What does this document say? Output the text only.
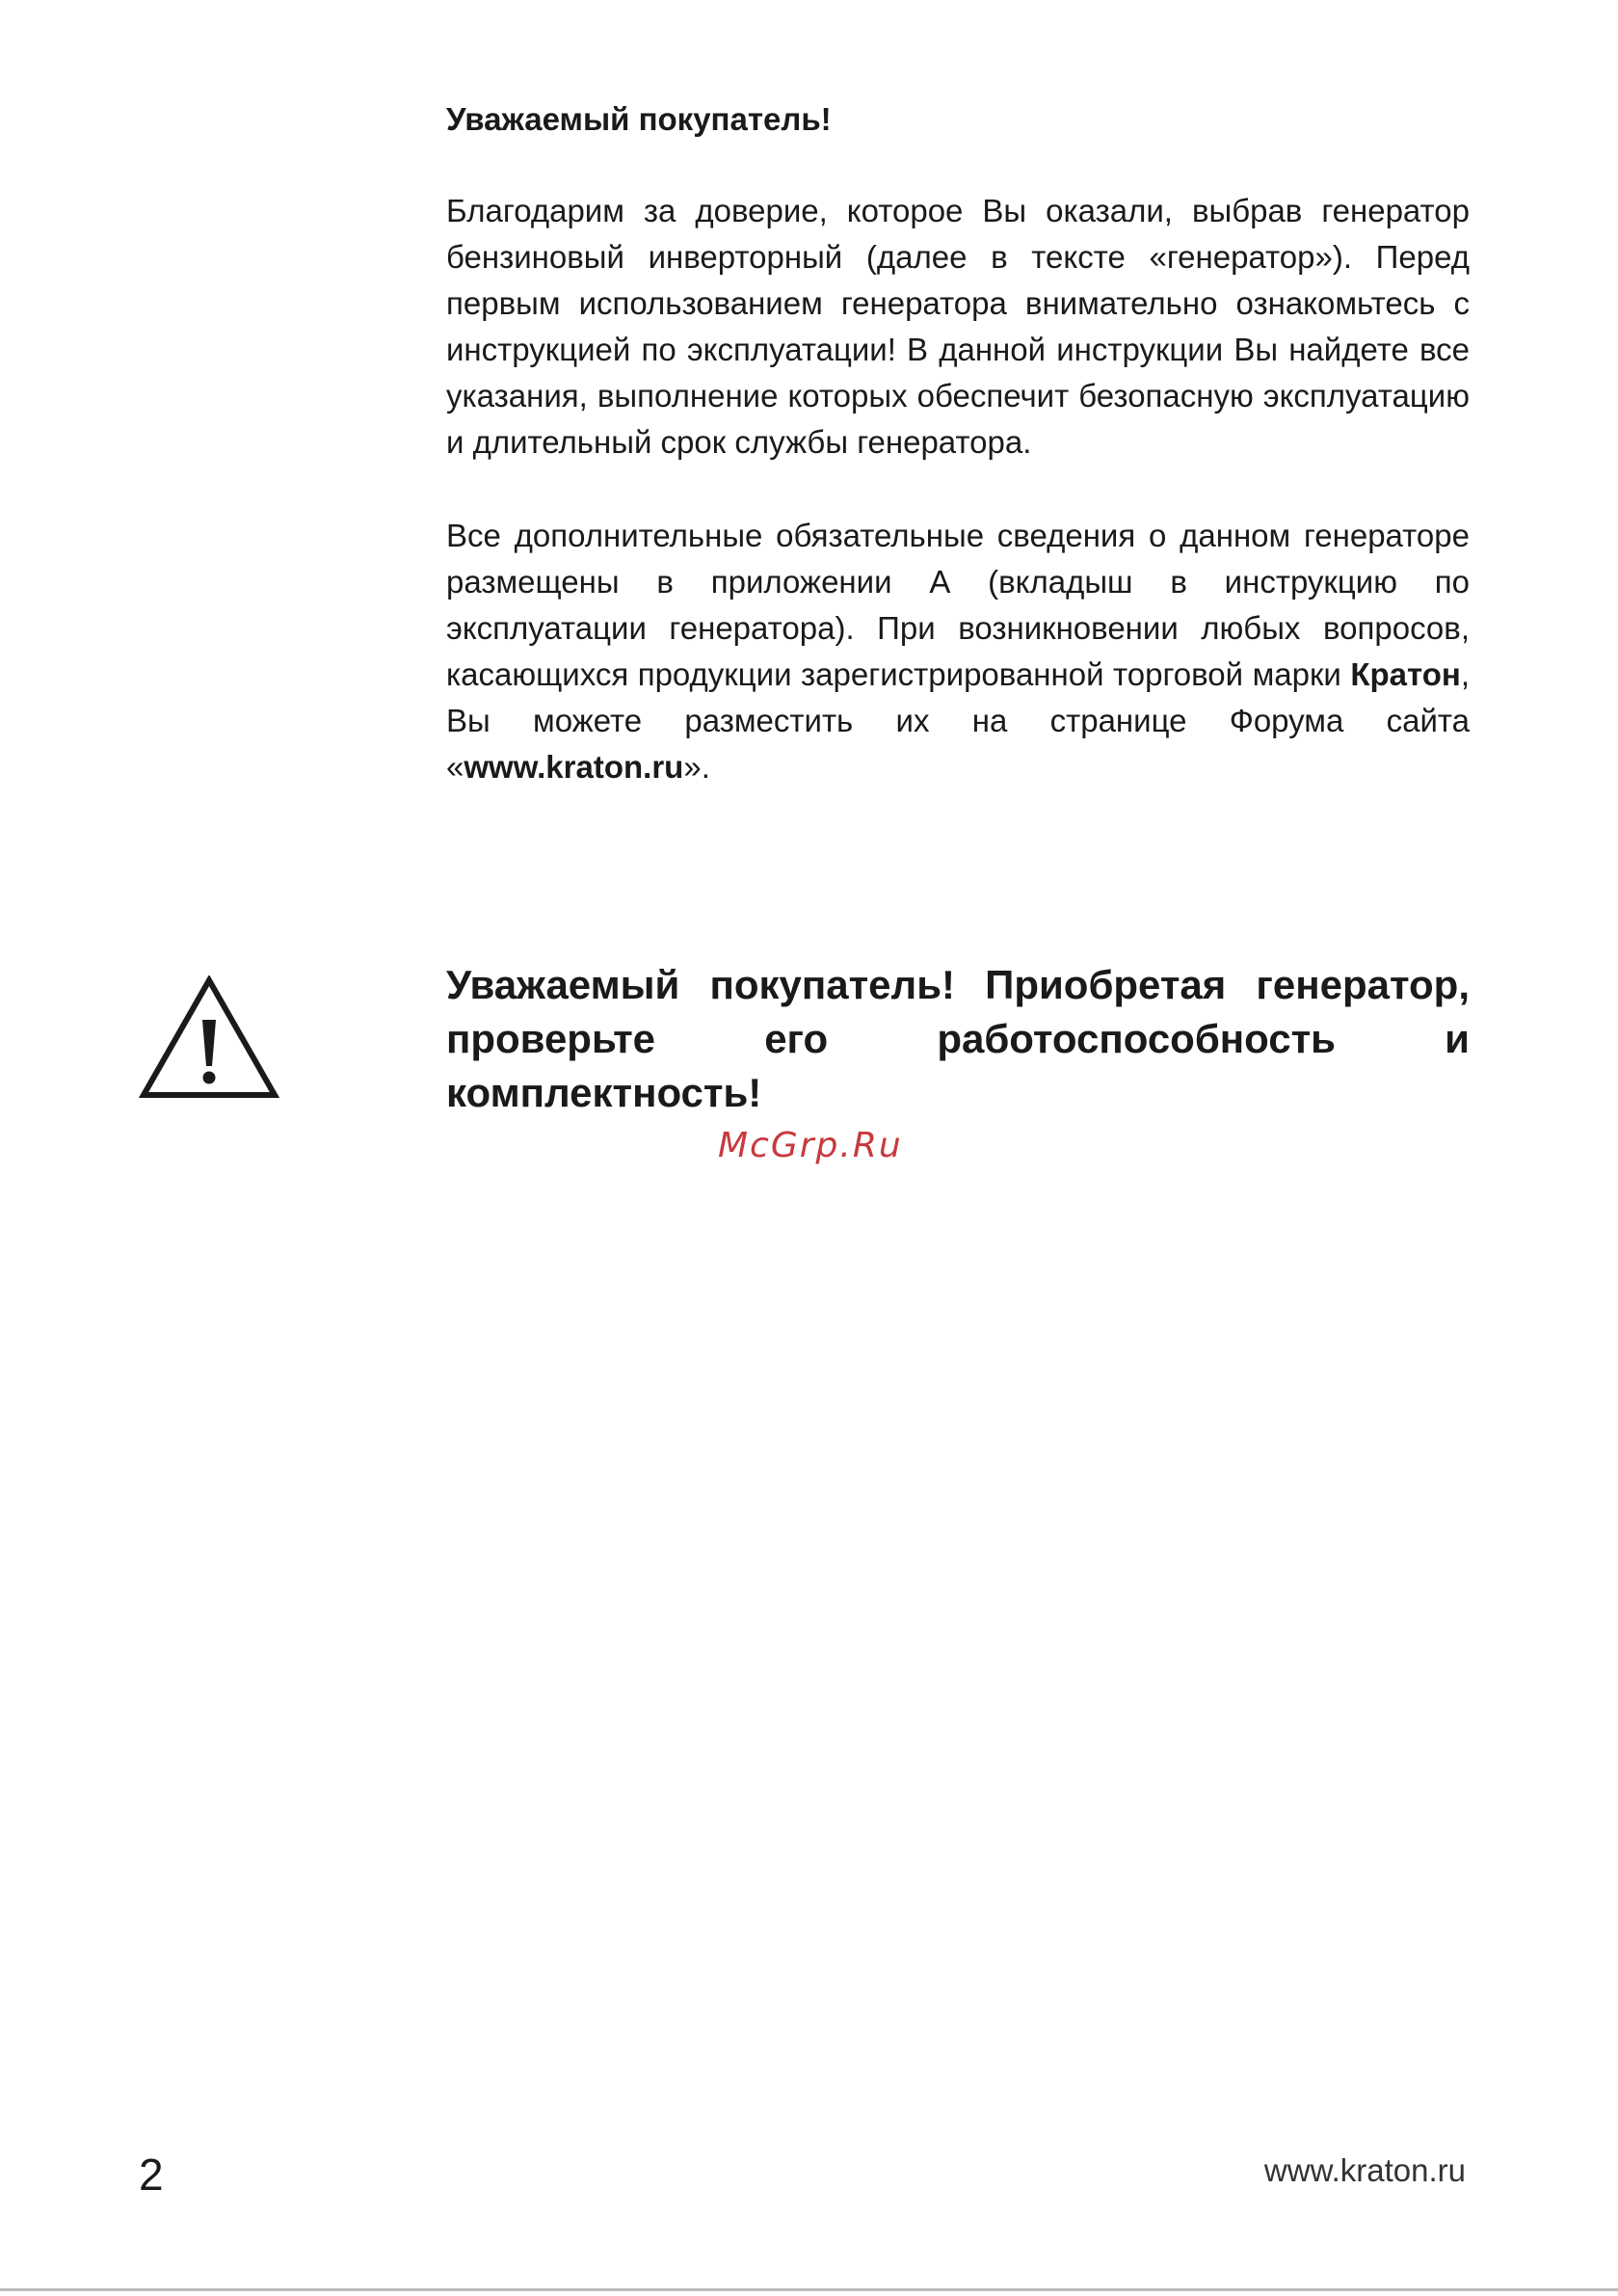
Уважаемый покупатель!
Благодарим за доверие, которое Вы оказали, выбрав генератор бензиновый инверторный (далее в тексте «генератор»). Перед первым использованием генератора внимательно ознакомьтесь с инструкцией по эксплуатации! В данной инструкции Вы найдете все указания, выполнение которых обеспечит безопасную эксплуатацию и длительный срок службы генератора.
Все дополнительные обязательные сведения о данном генераторе размещены в приложении А (вкладыш в инструкцию по эксплуатации генератора). При возникновении любых вопросов, касающихся продукции зарегистрированной торговой марки Кратон, Вы можете разместить их на странице Форума сайта «www.kraton.ru».
Уважаемый покупатель! Приобретая генератор, проверьте его работоспособность и комплектность!
McGrp.Ru
2	www.kraton.ru
